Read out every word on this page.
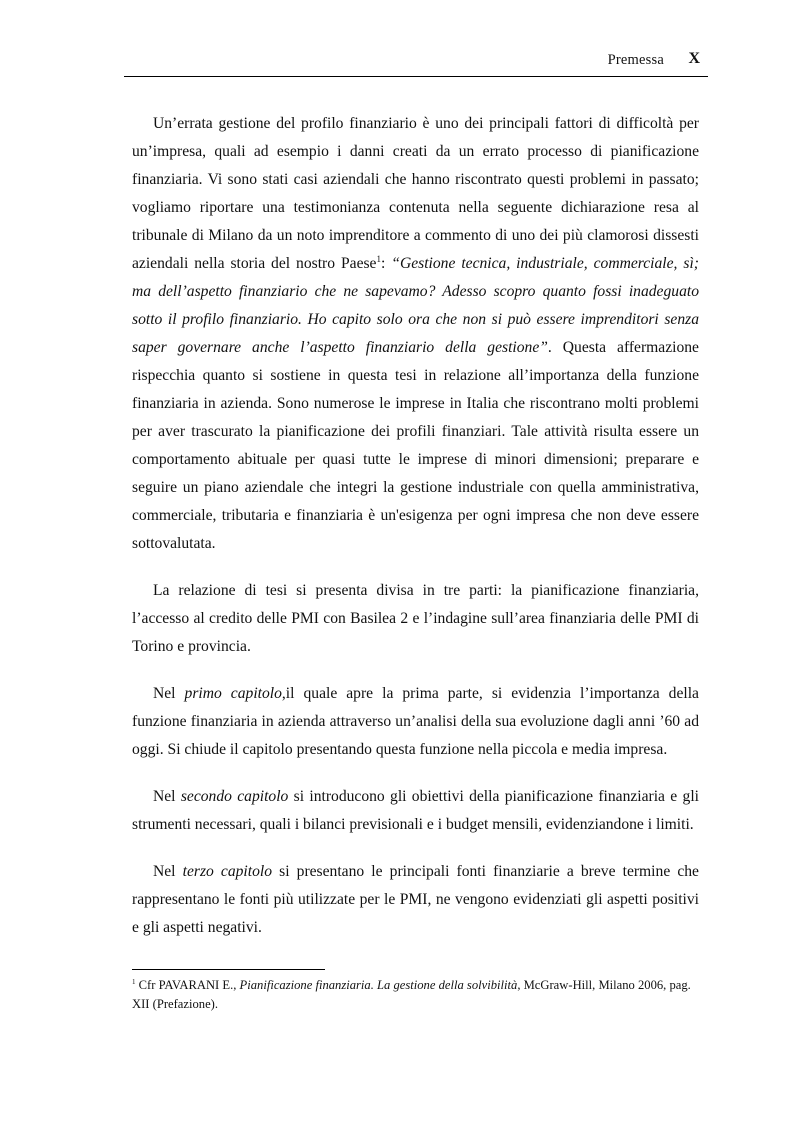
Premessa X

Un’errata gestione del profilo finanziario è uno dei principali fattori di difficoltà per un’impresa, quali ad esempio i danni creati da un errato processo di pianificazione finanziaria. Vi sono stati casi aziendali che hanno riscontrato questi problemi in passato; vogliamo riportare una testimonianza contenuta nella seguente dichiarazione resa al tribunale di Milano da un noto imprenditore a commento di uno dei più clamorosi dissesti aziendali nella storia del nostro Paese$^1$: “Gestione tecnica, industriale, commerciale, sì; ma dell’aspetto finanziario che ne sapevamo? Adesso scopro quanto fossi inadeguato sotto il profilo finanziario. Ho capito solo ora che non si può essere imprenditori senza saper governare anche l’aspetto finanziario della gestione”. Questa affermazione rispecchia quanto si sostiene in questa tesi in relazione all’importanza della funzione finanziaria in azienda. Sono numerose le imprese in Italia che riscontrano molti problemi per aver trascurato la pianificazione dei profili finanziari. Tale attività risulta essere un comportamento abituale per quasi tutte le imprese di minori dimensioni; preparare e seguire un piano aziendale che integri la gestione industriale con quella amministrativa, commerciale, tributaria e finanziaria è un'esigenza per ogni impresa che non deve essere sottovalutata.

La relazione di tesi si presenta divisa in tre parti: la pianificazione finanziaria, l’accesso al credito delle PMI con Basilea 2 e l’indagine sull’area finanziaria delle PMI di Torino e provincia.

Nel primo capitolo,il quale apre la prima parte, si evidenzia l’importanza della funzione finanziaria in azienda attraverso un’analisi della sua evoluzione dagli anni ’60 ad oggi. Si chiude il capitolo presentando questa funzione nella piccola e media impresa.

Nel secondo capitolo si introducono gli obiettivi della pianificazione finanziaria e gli strumenti necessari, quali i bilanci previsionali e i budget mensili, evidenziandone i limiti.

Nel terzo capitolo si presentano le principali fonti finanziarie a breve termine che rappresentano le fonti più utilizzate per le PMI, ne vengono evidenziati gli aspetti positivi e gli aspetti negativi.

$^1$ Cfr PAVARANI E., Pianificazione finanziaria. La gestione della solvibilità, McGraw-Hill, Milano 2006, pag. XII (Prefazione).
